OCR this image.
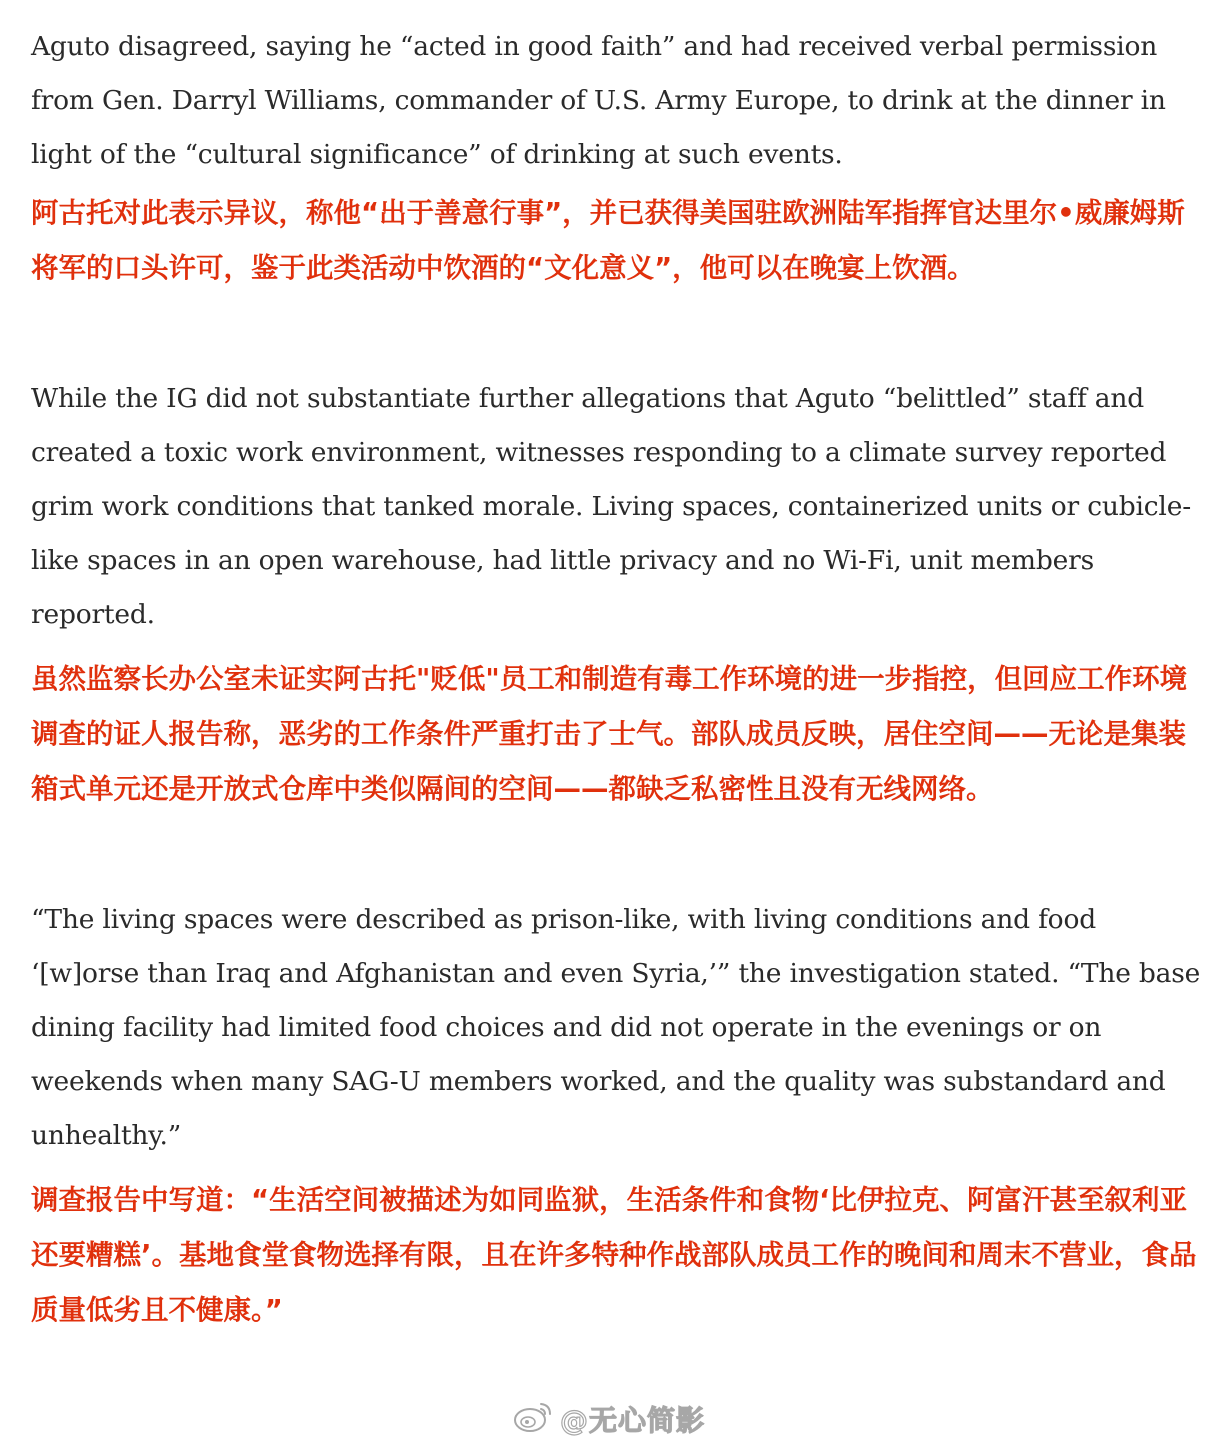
Aguto disagreed, saying he “acted in good faith” and had received verbal permission from Gen. Darryl Williams, commander of U.S. Army Europe, to drink at the dinner in light of the “cultural significance” of drinking at such events.

阿古托对此表示异议，称他“出于善意行事”，并已获得美国驻欧洲陆军指挥官达里尔•威廉姆斯将军的口头许可，鉴于此类活动中饮酒的“文化意义”，他可以在晚宴上饮酒。

While the IG did not substantiate further allegations that Aguto “belittled” staff and created a toxic work environment, witnesses responding to a climate survey reported grim work conditions that tanked morale. Living spaces, containerized units or cubicle-like spaces in an open warehouse, had little privacy and no Wi-Fi, unit members reported.

虽然监察长办公室未证实阿古托"贬低"员工和制造有毒工作环境的进一步指控，但回应工作环境调查的证人报告称，恶劣的工作条件严重打击了士气。部队成员反映，居住空间——无论是集装箱式单元还是开放式仓库中类似隔间的空间——都缺乏私密性且没有无线网络。

“The living spaces were described as prison-like, with living conditions and food ‘[w]orse than Iraq and Afghanistan and even Syria,’” the investigation stated. “The base dining facility had limited food choices and did not operate in the evenings or on weekends when many SAG-U members worked, and the quality was substandard and unhealthy.”

调查报告中写道：“生活空间被描述为如同监狱，生活条件和食物‘比伊拉克、阿富汗甚至叙利亚还要糟糕’。基地食堂食物选择有限，且在许多特种作战部队成员工作的晚间和周末不营业，食品质量低劣且不健康。”

@无心简影
